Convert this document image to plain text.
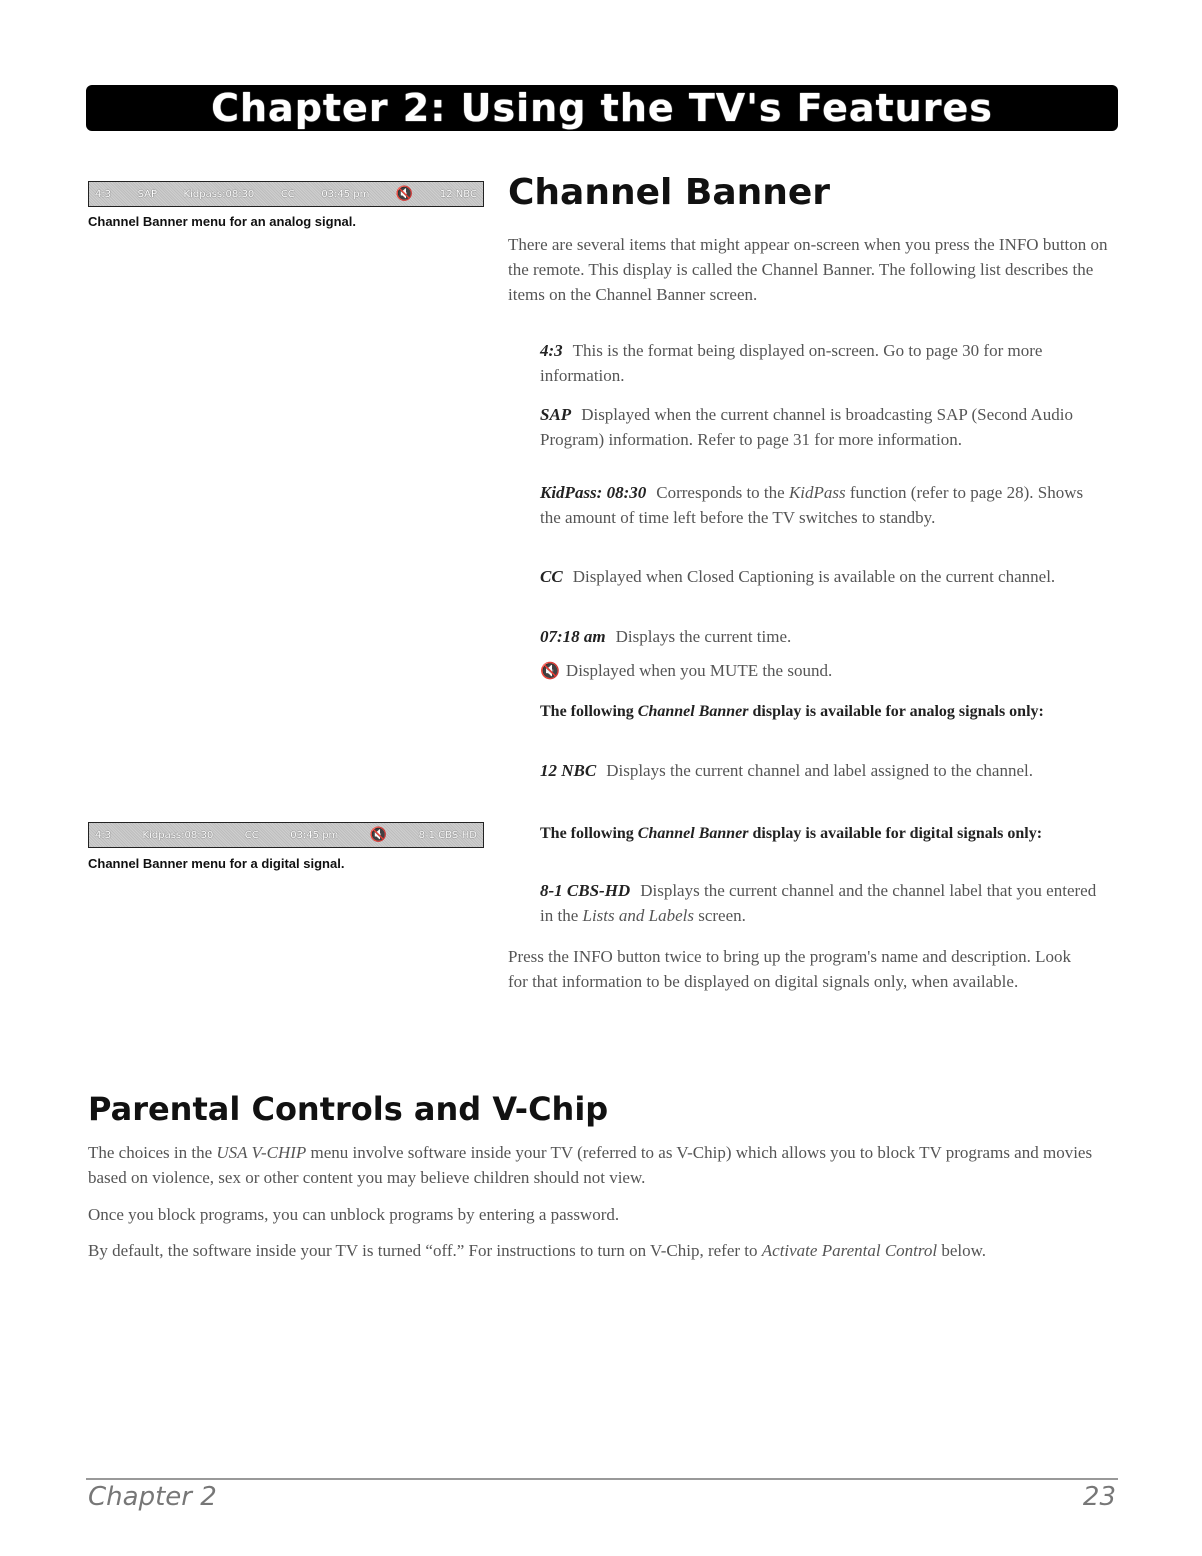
Chapter 2: Using the TV's Features
4:3	SAP	Kidpass:08:30	CC	03:45 pm 🔇	12 NBC
Channel Banner menu for an analog signal.
4:3	Kidpass:08:30	CC	03:45 pm 🔇	8-1 CBS-HD
Channel Banner menu for a digital signal.
Channel Banner

There are several items that might appear on-screen when you press the INFO button on the remote. This display is called the Channel Banner. The following list describes the items on the Channel Banner screen.

4:3 This is the format being displayed on-screen. Go to page 30 for more information.

SAP Displayed when the current channel is broadcasting SAP (Second Audio Program) information. Refer to page 31 for more information.

KidPass: 08:30 Corresponds to the KidPass function (refer to page 28). Shows the amount of time left before the TV switches to standby.

CC Displayed when Closed Captioning is available on the current channel.

07:18 am Displays the current time.

🔇 Displayed when you MUTE the sound.

The following Channel Banner display is available for analog signals only:

12 NBC Displays the current channel and label assigned to the channel.

The following Channel Banner display is available for digital signals only:

8-1 CBS-HD Displays the current channel and the channel label that you entered in the Lists and Labels screen.

Press the INFO button twice to bring up the program's name and description. Look for that information to be displayed on digital signals only, when available.

Parental Controls and V-Chip

The choices in the USA V-CHIP menu involve software inside your TV (referred to as V-Chip) which allows you to block TV programs and movies based on violence, sex or other content you may believe children should not view.

Once you block programs, you can unblock programs by entering a password.

By default, the software inside your TV is turned “off.” For instructions to turn on V-Chip, refer to Activate Parental Control below.

Chapter 2	23
